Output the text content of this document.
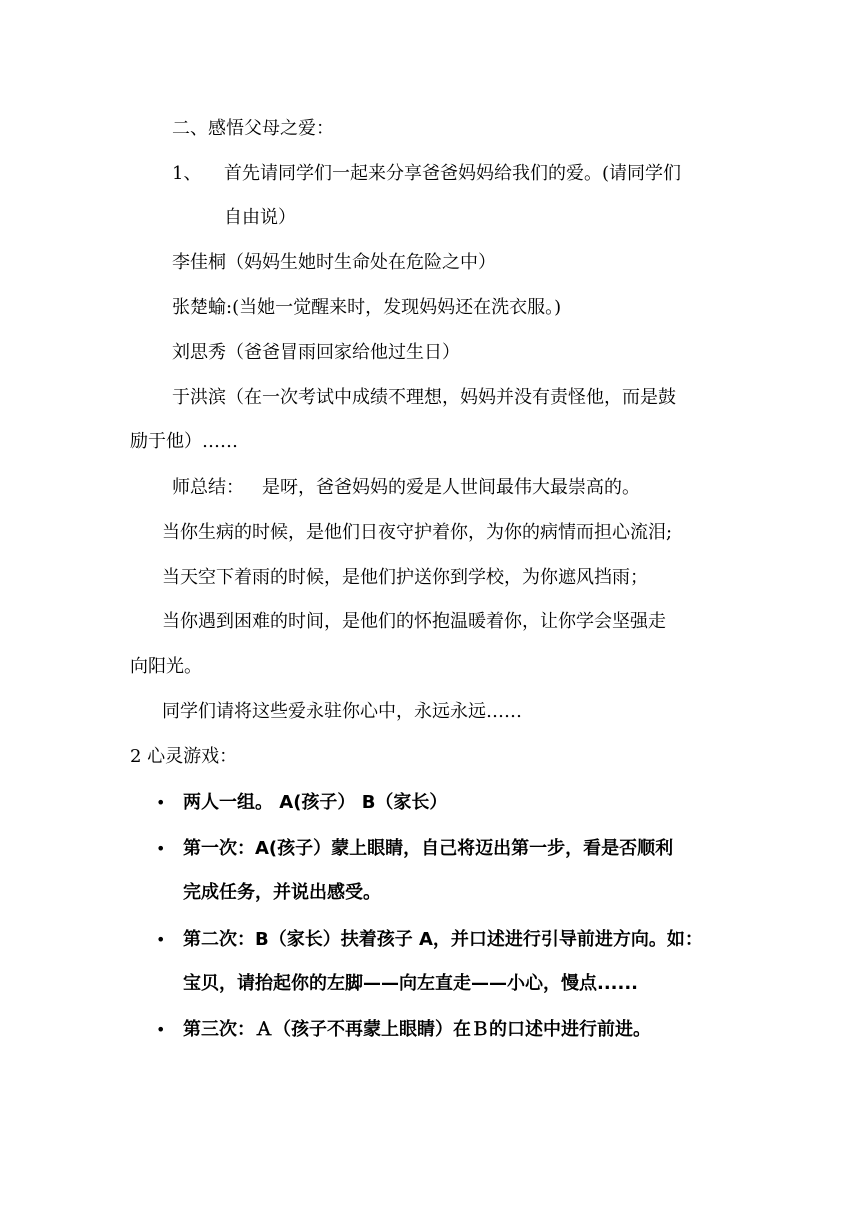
二、感悟父母之爱：
1、 首先请同学们一起来分享爸爸妈妈给我们的爱。(请同学们
自由说）
李佳桐（妈妈生她时生命处在危险之中）
张楚蝓:(当她一觉醒来时，发现妈妈还在洗衣服。)
刘思秀（爸爸冒雨回家给他过生日）
于洪滨（在一次考试中成绩不理想，妈妈并没有责怪他，而是鼓
励于他）……
师总结： 是呀，爸爸妈妈的爱是人世间最伟大最崇高的。
当你生病的时候，是他们日夜守护着你，为你的病情而担心流泪;
当天空下着雨的时候，是他们护送你到学校，为你遮风挡雨；
当你遇到困难的时间，是他们的怀抱温暖着你，让你学会坚强走
向阳光。
同学们请将这些爱永驻你心中，永远永远……
2 心灵游戏：
• 两人一组。 A(孩子） B（家长）
• 第一次：A(孩子）蒙上眼睛，自己将迈出第一步，看是否顺利
完成任务，并说出感受。
• 第二次：B（家长）扶着孩子 A，并口述进行引导前进方向。如：
宝贝，请抬起你的左脚——向左直走——小心，慢点......
• 第三次：Ａ（孩子不再蒙上眼睛）在Ｂ的口述中进行前进。
